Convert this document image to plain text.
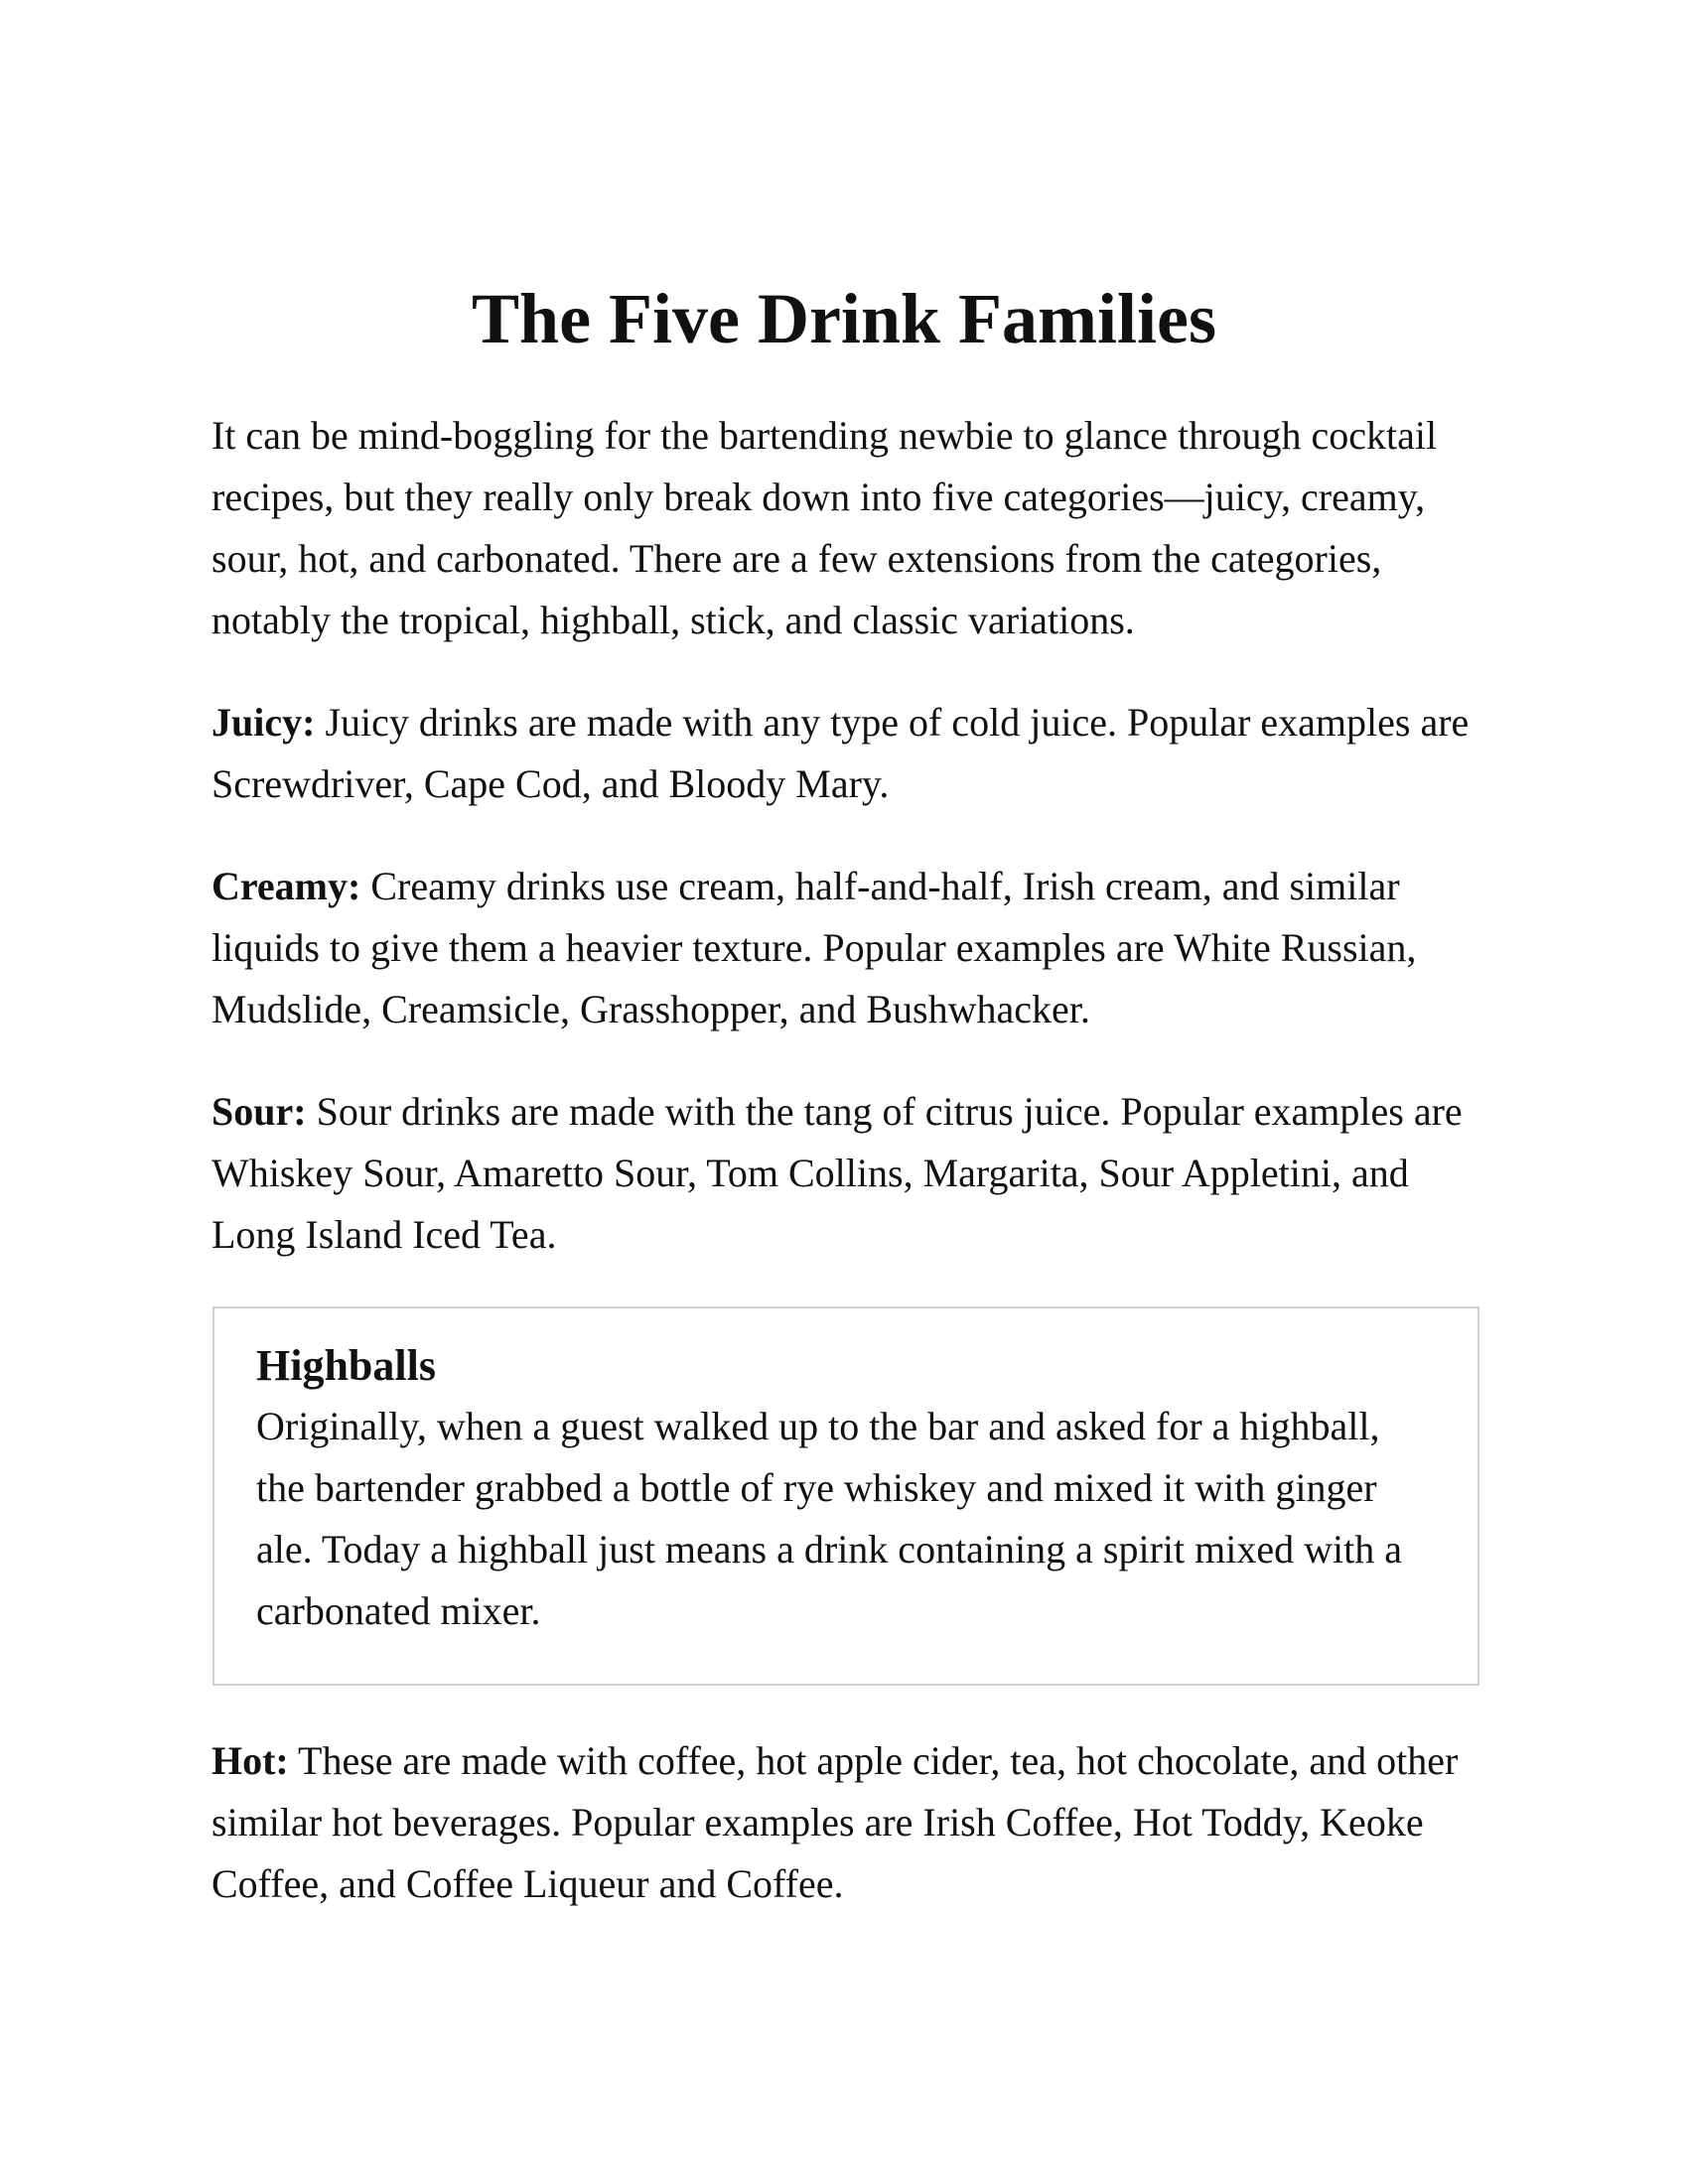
The Five Drink Families

It can be mind-boggling for the bartending newbie to glance through cocktail recipes, but they really only break down into five categories—juicy, creamy, sour, hot, and carbonated. There are a few extensions from the categories, notably the tropical, highball, stick, and classic variations.

Juicy: Juicy drinks are made with any type of cold juice. Popular examples are Screwdriver, Cape Cod, and Bloody Mary.

Creamy: Creamy drinks use cream, half-and-half, Irish cream, and similar liquids to give them a heavier texture. Popular examples are White Russian, Mudslide, Creamsicle, Grasshopper, and Bushwhacker.

Sour: Sour drinks are made with the tang of citrus juice. Popular examples are Whiskey Sour, Amaretto Sour, Tom Collins, Margarita, Sour Appletini, and Long Island Iced Tea.

Highballs

Originally, when a guest walked up to the bar and asked for a highball, the bartender grabbed a bottle of rye whiskey and mixed it with ginger ale. Today a highball just means a drink containing a spirit mixed with a carbonated mixer.

Hot: These are made with coffee, hot apple cider, tea, hot chocolate, and other similar hot beverages. Popular examples are Irish Coffee, Hot Toddy, Keoke Coffee, and Coffee Liqueur and Coffee.
